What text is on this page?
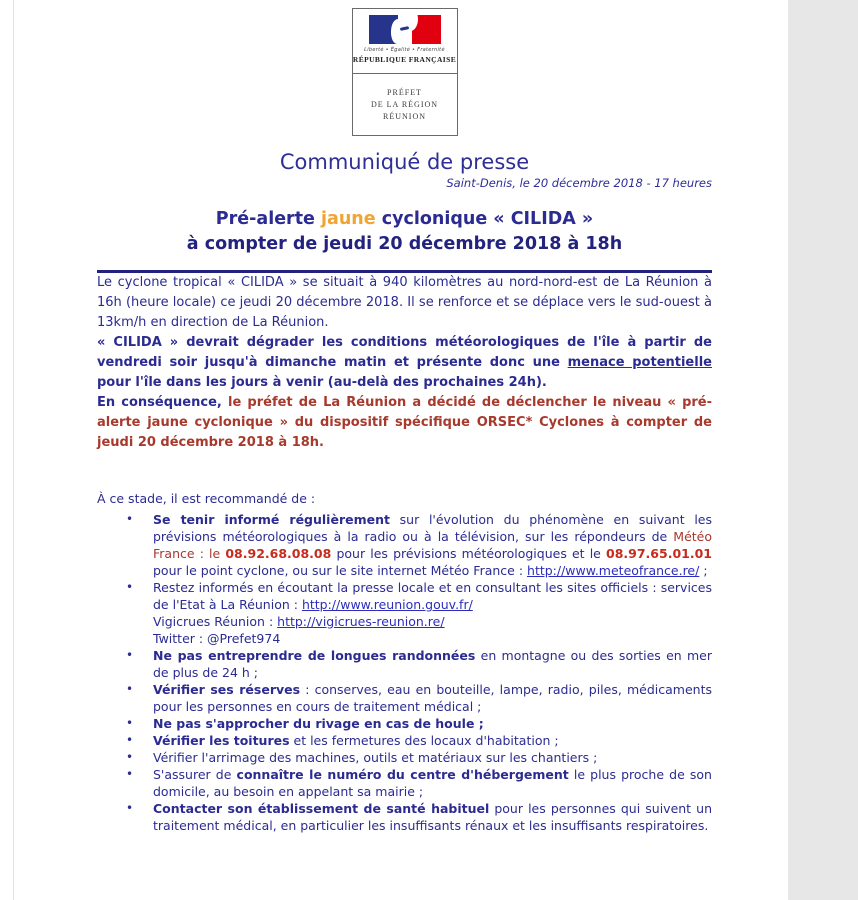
Liberté • Égalité • Fraternité
RÉPUBLIQUE FRANÇAISE
PRÉFET
DE LA RÉGION
RÉUNION
Communiqué de presse
Saint-Denis, le 20 décembre 2018 - 17 heures
Pré-alerte jaune cyclonique « CILIDA »
à compter de jeudi 20 décembre 2018 à 18h

Le cyclone tropical « CILIDA » se situait à 940 kilomètres au nord-nord-est de La Réunion à 16h (heure locale) ce jeudi 20 décembre 2018. Il se renforce et se déplace vers le sud-ouest à 13km/h en direction de La Réunion.

« CILIDA » devrait dégrader les conditions météorologiques de l'île à partir de vendredi soir jusqu'à dimanche matin et présente donc une menace potentielle pour l'île dans les jours à venir (au-delà des prochaines 24h).

En conséquence, le préfet de La Réunion a décidé de déclencher le niveau « pré-alerte jaune cyclonique » du dispositif spécifique ORSEC* Cyclones à compter de jeudi 20 décembre 2018 à 18h.

À ce stade, il est recommandé de :
• Se tenir informé régulièrement sur l'évolution du phénomène en suivant les prévisions météorologiques à la radio ou à la télévision, sur les répondeurs de Météo France : le 08.92.68.08.08 pour les prévisions météorologiques et le 08.97.65.01.01 pour le point cyclone, ou sur le site internet Météo France : http://www.meteofrance.re/ ;
• Restez informés en écoutant la presse locale et en consultant les sites officiels : services de l'Etat à La Réunion : http://www.reunion.gouv.fr/
Vigicrues Réunion : http://vigicrues-reunion.re/
Twitter : @Prefet974
• Ne pas entreprendre de longues randonnées en montagne ou des sorties en mer de plus de 24 h ;
• Vérifier ses réserves : conserves, eau en bouteille, lampe, radio, piles, médicaments pour les personnes en cours de traitement médical ;
• Ne pas s'approcher du rivage en cas de houle ;
• Vérifier les toitures et les fermetures des locaux d'habitation ;
• Vérifier l'arrimage des machines, outils et matériaux sur les chantiers ;
• S'assurer de connaître le numéro du centre d'hébergement le plus proche de son domicile, au besoin en appelant sa mairie ;
• Contacter son établissement de santé habituel pour les personnes qui suivent un traitement médical, en particulier les insuffisants rénaux et les insuffisants respiratoires.
